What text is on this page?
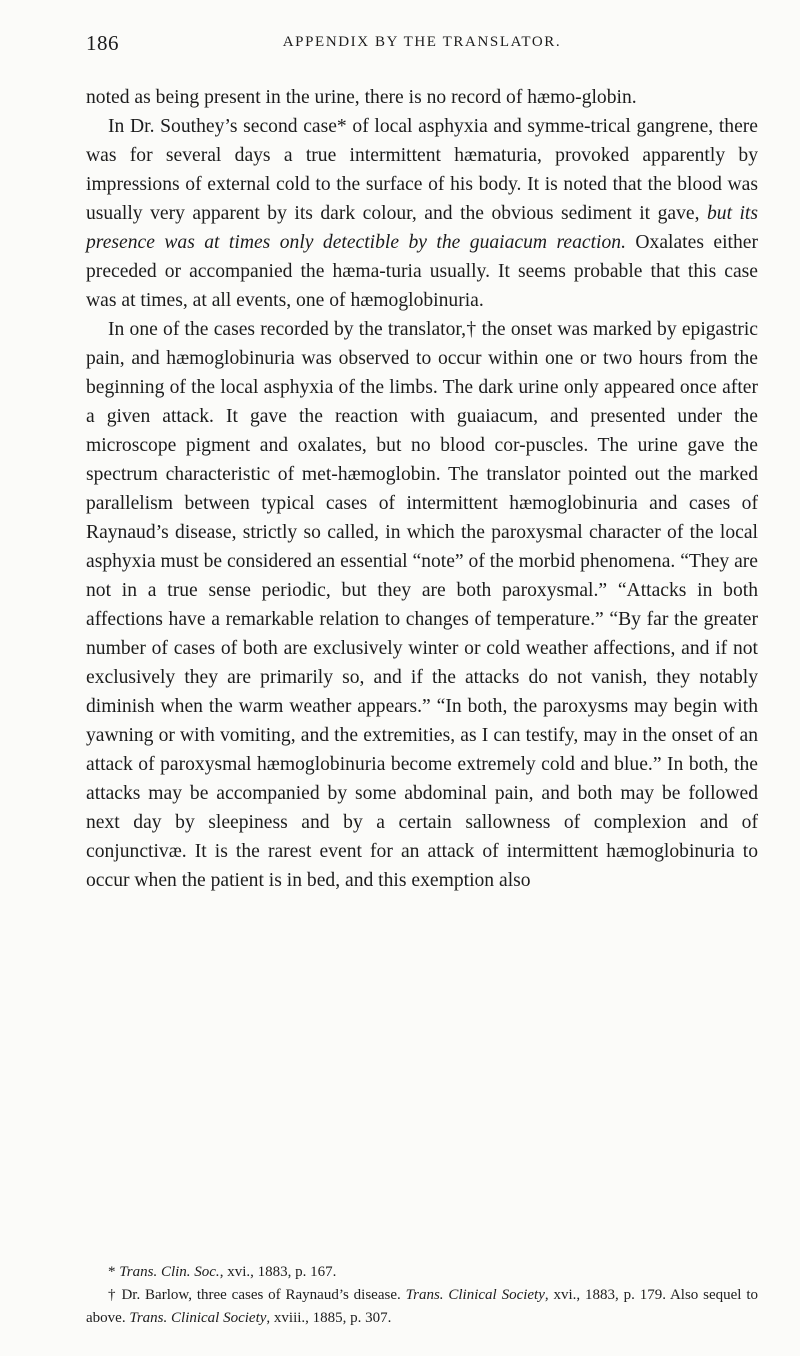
186	APPENDIX BY THE TRANSLATOR.

noted as being present in the urine, there is no record of hæmo-globin.

In Dr. Southey’s second case* of local asphyxia and symme-trical gangrene, there was for several days a true intermittent hæmaturia, provoked apparently by impressions of external cold to the surface of his body. It is noted that the blood was usually very apparent by its dark colour, and the obvious sediment it gave, but its presence was at times only detectible by the guaiacum reaction. Oxalates either preceded or accompanied the hæma-turia usually. It seems probable that this case was at times, at all events, one of hæmoglobinuria.

In one of the cases recorded by the translator,† the onset was marked by epigastric pain, and hæmoglobinuria was observed to occur within one or two hours from the beginning of the local asphyxia of the limbs. The dark urine only appeared once after a given attack. It gave the reaction with guaiacum, and presented under the microscope pigment and oxalates, but no blood cor-puscles. The urine gave the spectrum characteristic of met-hæmoglobin. The translator pointed out the marked parallelism between typical cases of intermittent hæmoglobinuria and cases of Raynaud’s disease, strictly so called, in which the paroxysmal character of the local asphyxia must be considered an essential “note” of the morbid phenomena. “They are not in a true sense periodic, but they are both paroxysmal.” “Attacks in both affections have a remarkable relation to changes of temperature.” “By far the greater number of cases of both are exclusively winter or cold weather affections, and if not exclusively they are primarily so, and if the attacks do not vanish, they notably diminish when the warm weather appears.” “In both, the paroxysms may begin with yawning or with vomiting, and the extremities, as I can testify, may in the onset of an attack of paroxysmal hæmoglobinuria become extremely cold and blue.” In both, the attacks may be accompanied by some abdominal pain, and both may be followed next day by sleepiness and by a certain sallowness of complexion and of conjunctivæ. It is the rarest event for an attack of intermittent hæmoglobinuria to occur when the patient is in bed, and this exemption also

* Trans. Clin. Soc., xvi., 1883, p. 167.

† Dr. Barlow, three cases of Raynaud’s disease. Trans. Clinical Society, xvi., 1883, p. 179. Also sequel to above. Trans. Clinical Society, xviii., 1885, p. 307.
